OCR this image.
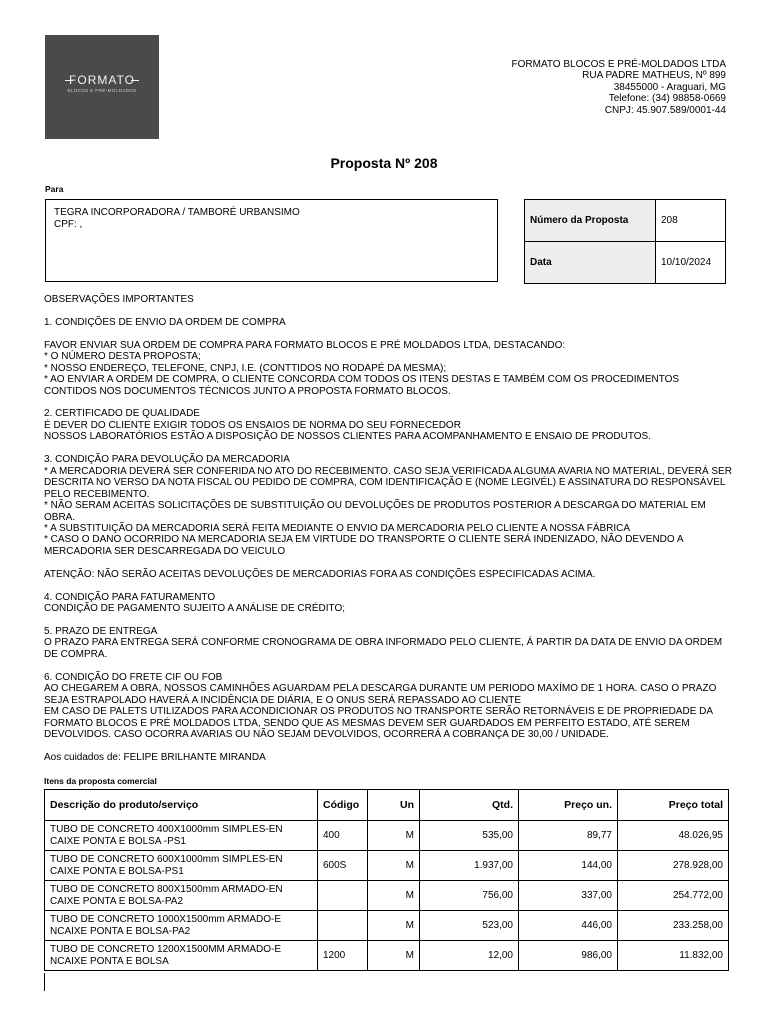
FORMATO
BLOCOS E PRÉ-MOLDADOS
FORMATO BLOCOS E PRÉ-MOLDADOS LTDA
RUA PADRE MATHEUS, Nº 899
38455000 - Araguari, MG
Telefone: (34) 98858-0669
CNPJ: 45.907.589/0001-44
Proposta Nº 208
Para
TEGRA INCORPORADORA / TAMBORÉ URBANSIMO
CPF: ,	Número da Proposta	208
Data	10/10/2024

OBSERVAÇÕES IMPORTANTES

1. CONDIÇÕES DE ENVIO DA ORDEM DE COMPRA

FAVOR ENVIAR SUA ORDEM DE COMPRA PARA FORMATO BLOCOS E PRÉ MOLDADOS LTDA, DESTACANDO:
* O NÚMERO DESTA PROPOSTA;
* NOSSO ENDEREÇO, TELEFONE, CNPJ, I.E. (CONTTIDOS NO RODAPÉ DA MESMA);
* AO ENVIAR A ORDEM DE COMPRA, O CLIENTE CONCORDA COM TODOS OS ITENS DESTAS E TAMBÉM COM OS PROCEDIMENTOS CONTIDOS NOS DOCUMENTOS TÉCNICOS JUNTO A PROPOSTA FORMATO BLOCOS.

2. CERTIFICADO DE QUALIDADE
É DEVER DO CLIENTE EXIGIR TODOS OS ENSAIOS DE NORMA DO SEU FORNECEDOR
NOSSOS LABORATÓRIOS ESTÃO A DISPOSIÇÃO DE NOSSOS CLIENTES PARA ACOMPANHAMENTO E ENSAIO DE PRODUTOS.

3. CONDIÇÃO PARA DEVOLUÇÃO DA MERCADORIA
* A MERCADORIA DEVERÁ SER CONFERIDA NO ATO DO RECEBIMENTO. CASO SEJA VERIFICADA ALGUMA AVARIA NO MATERIAL, DEVERÁ SER DESCRITA NO VERSO DA NOTA FISCAL OU PEDIDO DE COMPRA, COM IDENTIFICAÇÃO E (NOME LEGIVÉL) E ASSINATURA DO RESPONSÁVEL PELO RECEBIMENTO.
* NÃO SERAM ACEITAS SOLICITAÇÕES DE SUBSTITUIÇÃO OU DEVOLUÇÕES DE PRODUTOS POSTERIOR A DESCARGA DO MATERIAL EM OBRA.
* A SUBSTITUIÇÃO DA MERCADORIA SERÁ FEITA MEDIANTE O ENVIO DA MERCADORIA PELO CLIENTE A NOSSA FÁBRICA
* CASO O DANO OCORRIDO NA MERCADORIA SEJA EM VIRTUDE DO TRANSPORTE O CLIENTE SERÁ INDENIZADO, NÃO DEVENDO A MERCADORIA SER DESCARREGADA DO VEICULO

ATENÇÃO: NÃO SERÃO ACEITAS DEVOLUÇÕES DE MERCADORIAS FORA AS CONDIÇÕES ESPECIFICADAS ACIMA.

4. CONDIÇÃO PARA FATURAMENTO
CONDIÇÃO DE PAGAMENTO SUJEITO A ANÁLISE DE CRÉDITO;

5. PRAZO DE ENTREGA
O PRAZO PARA ENTREGA SERÁ CONFORME CRONOGRAMA DE OBRA INFORMADO PELO CLIENTE, Á PARTIR DA DATA DE ENVIO DA ORDEM DE COMPRA.

6. CONDIÇÃO DO FRETE CIF OU FOB
AO CHEGAREM A OBRA, NOSSOS CAMINHÕES AGUARDAM PELA DESCARGA DURANTE UM PERIODO MAXÍMO DE 1 HORA. CASO O PRAZO SEJA ESTRAPOLADO HAVERÁ A INCIDÊNCIA DE DIÁRIA, E O ONUS SERÁ REPASSADO AO CLIENTE
EM CASO DE PALETS UTILIZADOS PARA ACONDICIONAR OS PRODUTOS NO TRANSPORTE SERÃO RETORNÁVEIS E DE PROPRIEDADE DA FORMATO BLOCOS E PRÉ MOLDADOS LTDA, SENDO QUE AS MESMAS DEVEM SER GUARDADOS EM PERFEITO ESTADO, ATÉ SEREM DEVOLVIDOS. CASO OCORRA AVARIAS OU NÃO SEJAM DEVOLVIDOS, OCORRERÁ A COBRANÇA DE 30,00 / UNIDADE.

Aos cuidados de: FELIPE BRILHANTE MIRANDA

Itens da proposta comercial
Descrição do produto/serviço	Código	Un	Qtd.	Preço un.	Preço total
TUBO DE CONCRETO 400X1000mm SIMPLES-EN CAIXE PONTA E BOLSA -PS1	400	M	535,00	89,77	48.026,95
TUBO DE CONCRETO 600X1000mm SIMPLES-EN CAIXE PONTA E BOLSA-PS1	600S	M	1.937,00	144,00	278.928,00
TUBO DE CONCRETO 800X1500mm ARMADO-EN CAIXE PONTA E BOLSA-PA2		M	756,00	337,00	254.772,00
TUBO DE CONCRETO 1000X1500mm ARMADO-E NCAIXE PONTA E BOLSA-PA2		M	523,00	446,00	233.258,00
TUBO DE CONCRETO 1200X1500MM ARMADO-E NCAIXE PONTA E BOLSA	1200	M	12,00	986,00	11.832,00
